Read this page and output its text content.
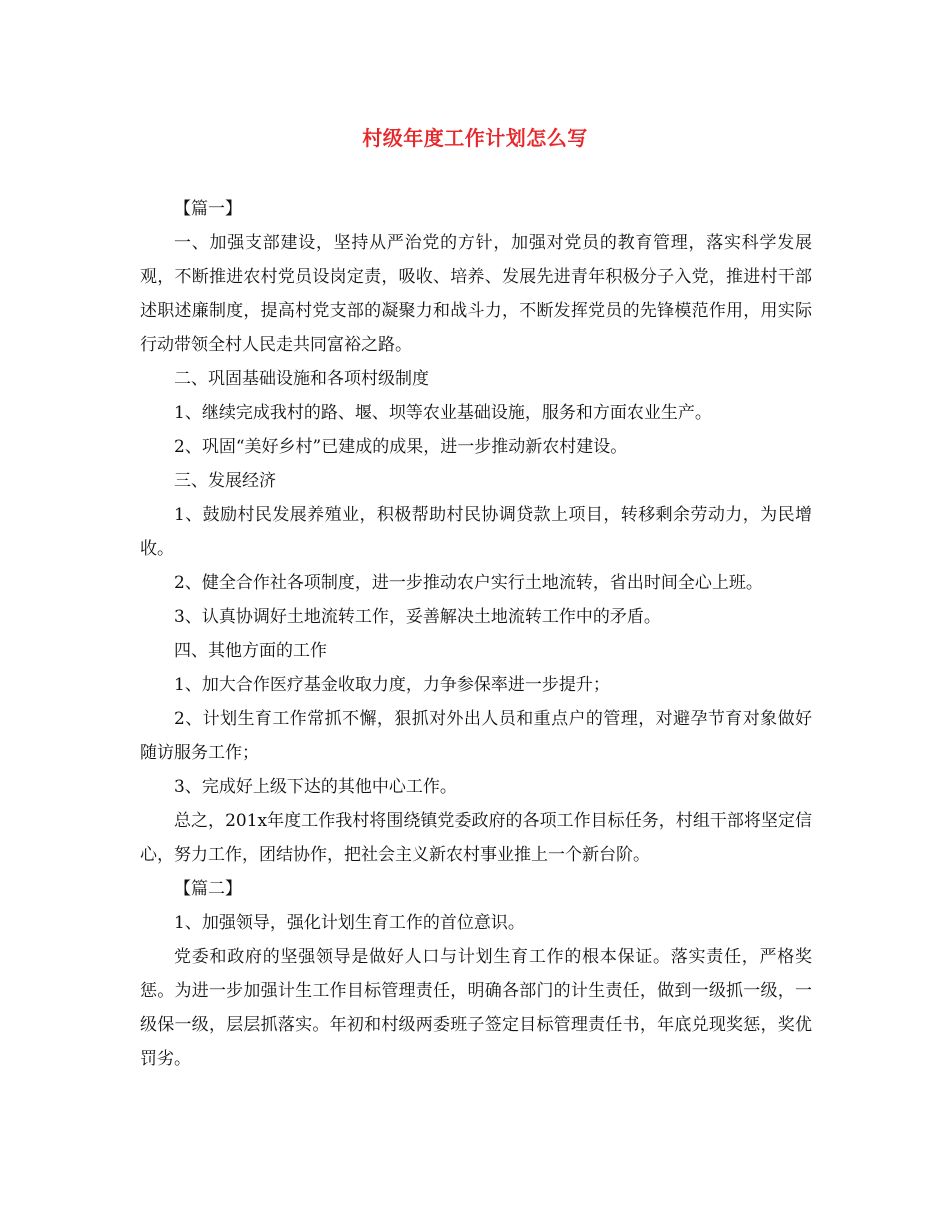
村级年度工作计划怎么写

【篇一】

一、加强支部建设，坚持从严治党的方针，加强对党员的教育管理，落实科学发展观，不断推进农村党员设岗定责，吸收、培养、发展先进青年积极分子入党，推进村干部述职述廉制度，提高村党支部的凝聚力和战斗力，不断发挥党员的先锋模范作用，用实际行动带领全村人民走共同富裕之路。

二、巩固基础设施和各项村级制度

1、继续完成我村的路、堰、坝等农业基础设施，服务和方面农业生产。

2、巩固“美好乡村”已建成的成果，进一步推动新农村建设。

三、发展经济

1、鼓励村民发展养殖业，积极帮助村民协调贷款上项目，转移剩余劳动力，为民增收。

2、健全合作社各项制度，进一步推动农户实行土地流转，省出时间全心上班。

3、认真协调好土地流转工作，妥善解决土地流转工作中的矛盾。

四、其他方面的工作

1、加大合作医疗基金收取力度，力争参保率进一步提升；

2、计划生育工作常抓不懈，狠抓对外出人员和重点户的管理，对避孕节育对象做好随访服务工作；

3、完成好上级下达的其他中心工作。

总之，201x年度工作我村将围绕镇党委政府的各项工作目标任务，村组干部将坚定信心，努力工作，团结协作，把社会主义新农村事业推上一个新台阶。

【篇二】

1、加强领导，强化计划生育工作的首位意识。

党委和政府的坚强领导是做好人口与计划生育工作的根本保证。落实责任，严格奖惩。为进一步加强计生工作目标管理责任，明确各部门的计生责任，做到一级抓一级，一级保一级，层层抓落实。年初和村级两委班子签定目标管理责任书，年底兑现奖惩，奖优罚劣。
